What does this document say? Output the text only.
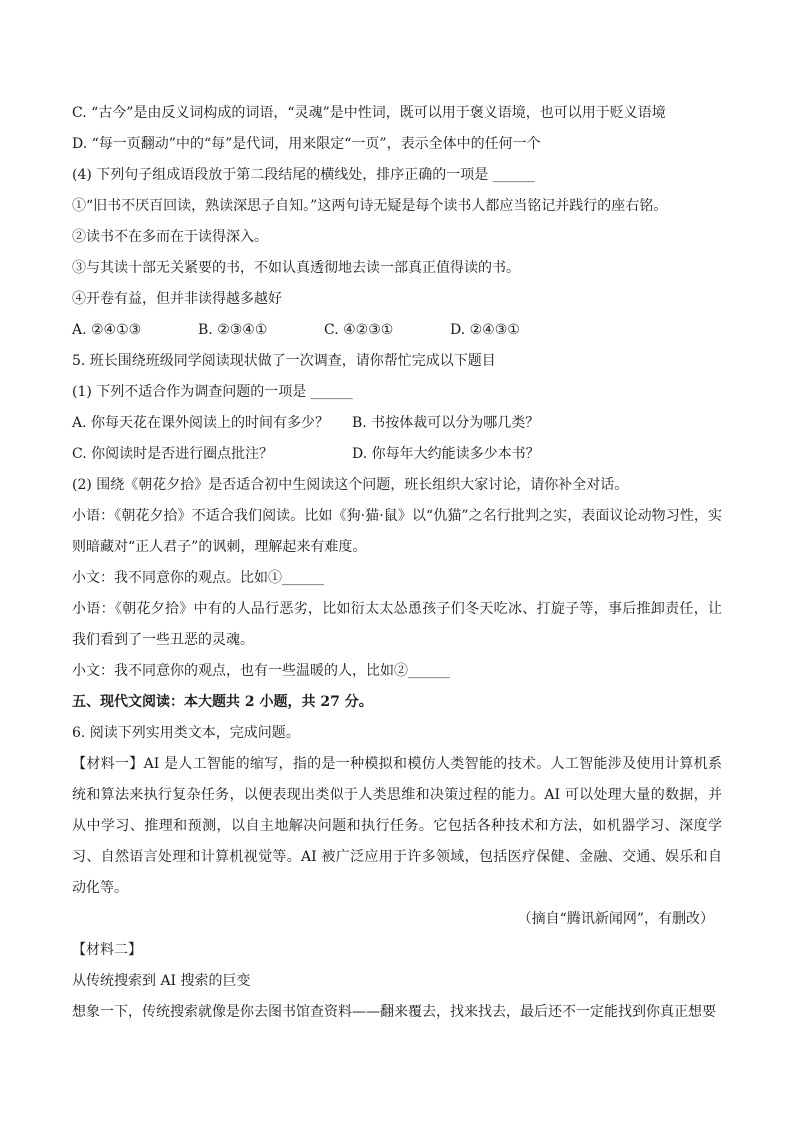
C. “古今”是由反义词构成的词语，“灵魂”是中性词，既可以用于褒义语境，也可以用于贬义语境
D. “每一页翻动”中的“每”是代词，用来限定“一页”，表示全体中的任何一个
(4) 下列句子组成语段放于第二段结尾的横线处，排序正确的一项是 ______
①“旧书不厌百回读，熟读深思子自知。”这两句诗无疑是每个读书人都应当铭记并践行的座右铭。
②读书不在多而在于读得深入。
③与其读十部无关紧要的书，不如认真透彻地去读一部真正值得读的书。
④开卷有益，但并非读得越多越好
A. ②④①③	B. ②③④①	C. ④②③①	D. ②④③①
5. 班长围绕班级同学阅读现状做了一次调查，请你帮忙完成以下题目
(1) 下列不适合作为调查问题的一项是 ______
A. 你每天花在课外阅读上的时间有多少？	B. 书按体裁可以分为哪几类？
C. 你阅读时是否进行圈点批注？	D. 你每年大约能读多少本书？
(2) 围绕《朝花夕拾》是否适合初中生阅读这个问题，班长组织大家讨论，请你补全对话。
小语：《朝花夕拾》不适合我们阅读。比如《狗·猫·鼠》以“仇猫”之名行批判之实，表面议论动物习性，实则暗藏对“正人君子”的讽刺，理解起来有难度。
小文：我不同意你的观点。比如①______
小语：《朝花夕拾》中有的人品行恶劣，比如衍太太怂恿孩子们冬天吃冰、打旋子等，事后推卸责任，让我们看到了一些丑恶的灵魂。
小文：我不同意你的观点，也有一些温暖的人，比如②______
五、现代文阅读：本大题共 2 小题，共 27 分。
6. 阅读下列实用类文本，完成问题。
【材料一】AI 是人工智能的缩写，指的是一种模拟和模仿人类智能的技术。人工智能涉及使用计算机系统和算法来执行复杂任务，以便表现出类似于人类思维和决策过程的能力。AI 可以处理大量的数据，并从中学习、推理和预测，以自主地解决问题和执行任务。它包括各种技术和方法，如机器学习、深度学习、自然语言处理和计算机视觉等。AI 被广泛应用于许多领域，包括医疗保健、金融、交通、娱乐和自动化等。
（摘自“腾讯新闻网”，有删改）
【材料二】
从传统搜索到 AI 搜索的巨变
想象一下，传统搜索就像是你去图书馆查资料——翻来覆去，找来找去，最后还不一定能找到你真正想要
